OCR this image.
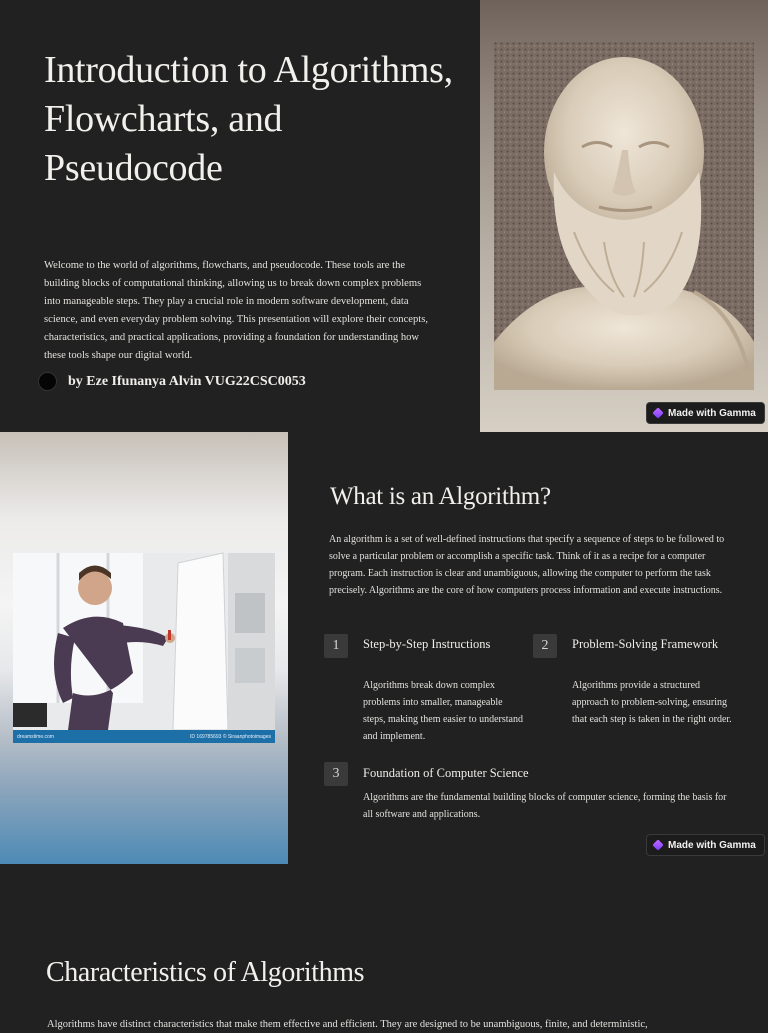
Introduction to Algorithms, Flowcharts, and Pseudocode

Welcome to the world of algorithms, flowcharts, and pseudocode. These tools are the building blocks of computational thinking, allowing us to break down complex problems into manageable steps. They play a crucial role in modern software development, data science, and even everyday problem solving. This presentation will explore their concepts, characteristics, and practical applications, providing a foundation for understanding how these tools shape our digital world.

by Eze Ifunanya Alvin VUG22CSC0053
Made with Gamma
dreamstime.com	ID 169785693 © Siraanphotoimages
What is an Algorithm?

An algorithm is a set of well-defined instructions that specify a sequence of steps to be followed to solve a particular problem or accomplish a specific task. Think of it as a recipe for a computer program. Each instruction is clear and unambiguous, allowing the computer to perform the task precisely. Algorithms are the core of how computers process information and execute instructions.

1	Step-by-Step Instructions
Algorithms break down complex problems into smaller, manageable steps, making them easier to understand and implement.
2	Problem-Solving Framework
Algorithms provide a structured approach to problem-solving, ensuring that each step is taken in the right order.
3	Foundation of Computer Science
Algorithms are the fundamental building blocks of computer science, forming the basis for all software and applications.
Made with Gamma
Characteristics of Algorithms

Algorithms have distinct characteristics that make them effective and efficient. They are designed to be unambiguous, finite, and deterministic,
